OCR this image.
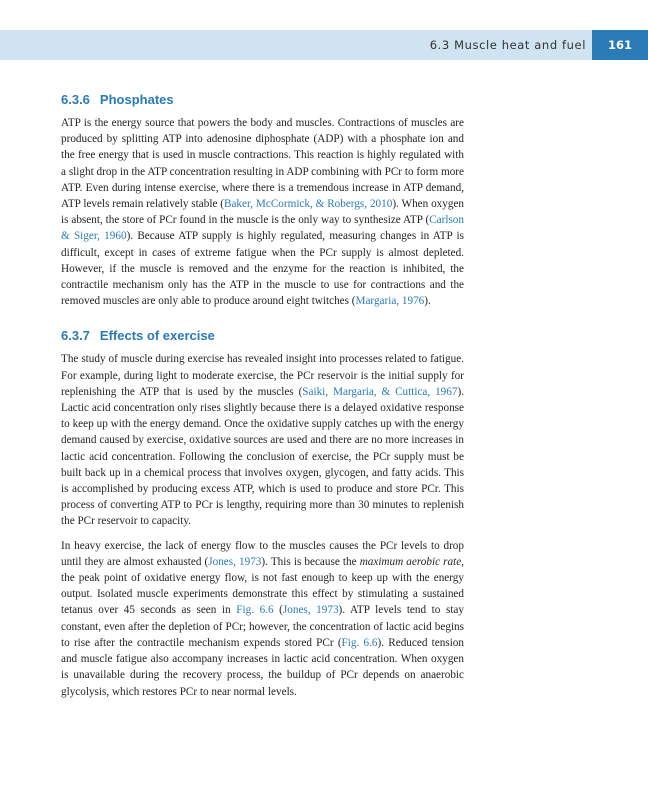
6.3 Muscle heat and fuel	161
6.3.6 Phosphates

ATP is the energy source that powers the body and muscles. Contractions of muscles are produced by splitting ATP into adenosine diphosphate (ADP) with a phosphate ion and the free energy that is used in muscle contractions. This reaction is highly regulated with a slight drop in the ATP concentration resulting in ADP combining with PCr to form more ATP. Even during intense exercise, where there is a tremendous increase in ATP demand, ATP levels remain relatively stable (Baker, McCormick, & Robergs, 2010). When oxygen is absent, the store of PCr found in the muscle is the only way to synthesize ATP (Carlson & Siger, 1960). Because ATP supply is highly regulated, measuring changes in ATP is difficult, except in cases of extreme fatigue when the PCr supply is almost depleted. However, if the muscle is removed and the enzyme for the reaction is inhibited, the contractile mechanism only has the ATP in the muscle to use for contractions and the removed muscles are only able to produce around eight twitches (Margaria, 1976).

6.3.7 Effects of exercise

The study of muscle during exercise has revealed insight into processes related to fatigue. For example, during light to moderate exercise, the PCr reservoir is the initial supply for replenishing the ATP that is used by the muscles (Saiki, Margaria, & Cuttica, 1967). Lactic acid concentration only rises slightly because there is a delayed oxidative response to keep up with the energy demand. Once the oxidative supply catches up with the energy demand caused by exercise, oxidative sources are used and there are no more increases in lactic acid concentration. Following the conclusion of exercise, the PCr supply must be built back up in a chemical process that involves oxygen, glycogen, and fatty acids. This is accomplished by producing excess ATP, which is used to produce and store PCr. This process of converting ATP to PCr is lengthy, requiring more than 30 minutes to replenish the PCr reservoir to capacity.

In heavy exercise, the lack of energy flow to the muscles causes the PCr levels to drop until they are almost exhausted (Jones, 1973). This is because the maximum aerobic rate, the peak point of oxidative energy flow, is not fast enough to keep up with the energy output. Isolated muscle experiments demonstrate this effect by stimulating a sustained tetanus over 45 seconds as seen in Fig. 6.6 (Jones, 1973). ATP levels tend to stay constant, even after the depletion of PCr; however, the concentration of lactic acid begins to rise after the contractile mechanism expends stored PCr (Fig. 6.6). Reduced tension and muscle fatigue also accompany increases in lactic acid concentration. When oxygen is unavailable during the recovery process, the buildup of PCr depends on anaerobic glycolysis, which restores PCr to near normal levels.
